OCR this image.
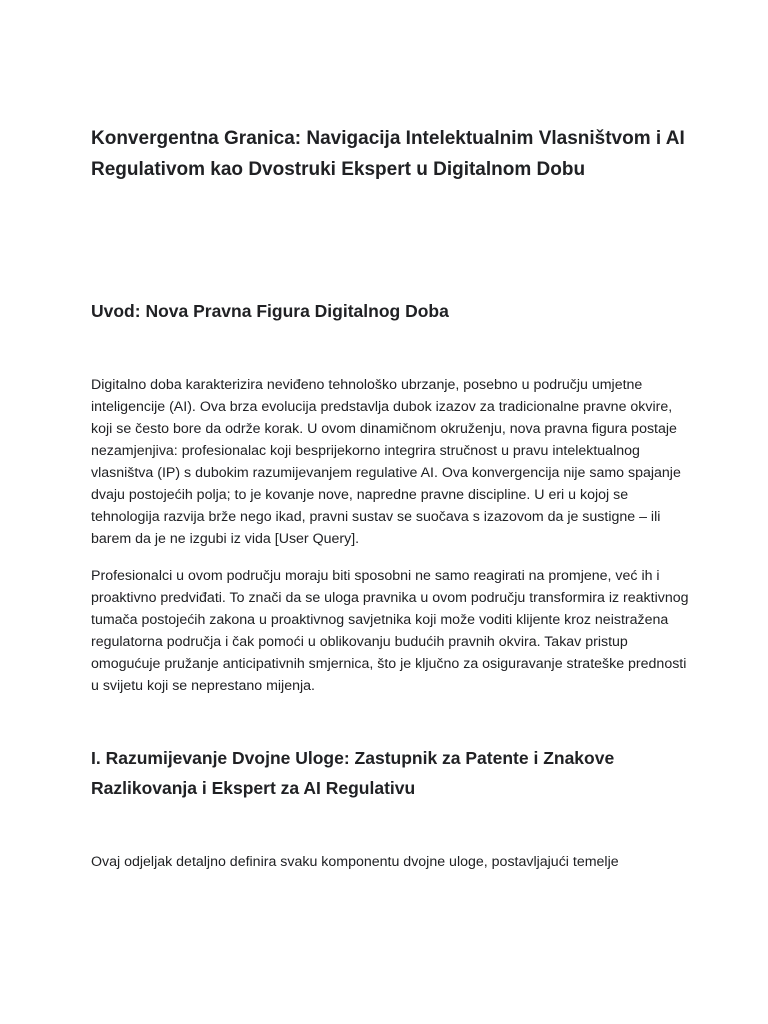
Konvergentna Granica: Navigacija Intelektualnim Vlasništvom i AI Regulativom kao Dvostruki Ekspert u Digitalnom Dobu
Uvod: Nova Pravna Figura Digitalnog Doba

Digitalno doba karakterizira neviđeno tehnološko ubrzanje, posebno u području umjetne inteligencije (AI). Ova brza evolucija predstavlja dubok izazov za tradicionalne pravne okvire, koji se često bore da održe korak. U ovom dinamičnom okruženju, nova pravna figura postaje nezamjenjiva: profesionalac koji besprijekorno integrira stručnost u pravu intelektualnog vlasništva (IP) s dubokim razumijevanjem regulative AI. Ova konvergencija nije samo spajanje dvaju postojećih polja; to je kovanje nove, napredne pravne discipline. U eri u kojoj se tehnologija razvija brže nego ikad, pravni sustav se suočava s izazovom da je sustigne – ili barem da je ne izgubi iz vida [User Query].

Profesionalci u ovom području moraju biti sposobni ne samo reagirati na promjene, već ih i proaktivno predviđati. To znači da se uloga pravnika u ovom području transformira iz reaktivnog tumača postojećih zakona u proaktivnog savjetnika koji može voditi klijente kroz neistražena regulatorna područja i čak pomoći u oblikovanju budućih pravnih okvira. Takav pristup omogućuje pružanje anticipativnih smjernica, što je ključno za osiguravanje strateške prednosti u svijetu koji se neprestano mijenja.

I. Razumijevanje Dvojne Uloge: Zastupnik za Patente i Znakove Razlikovanja i Ekspert za AI Regulativu

Ovaj odjeljak detaljno definira svaku komponentu dvojne uloge, postavljajući temelje
